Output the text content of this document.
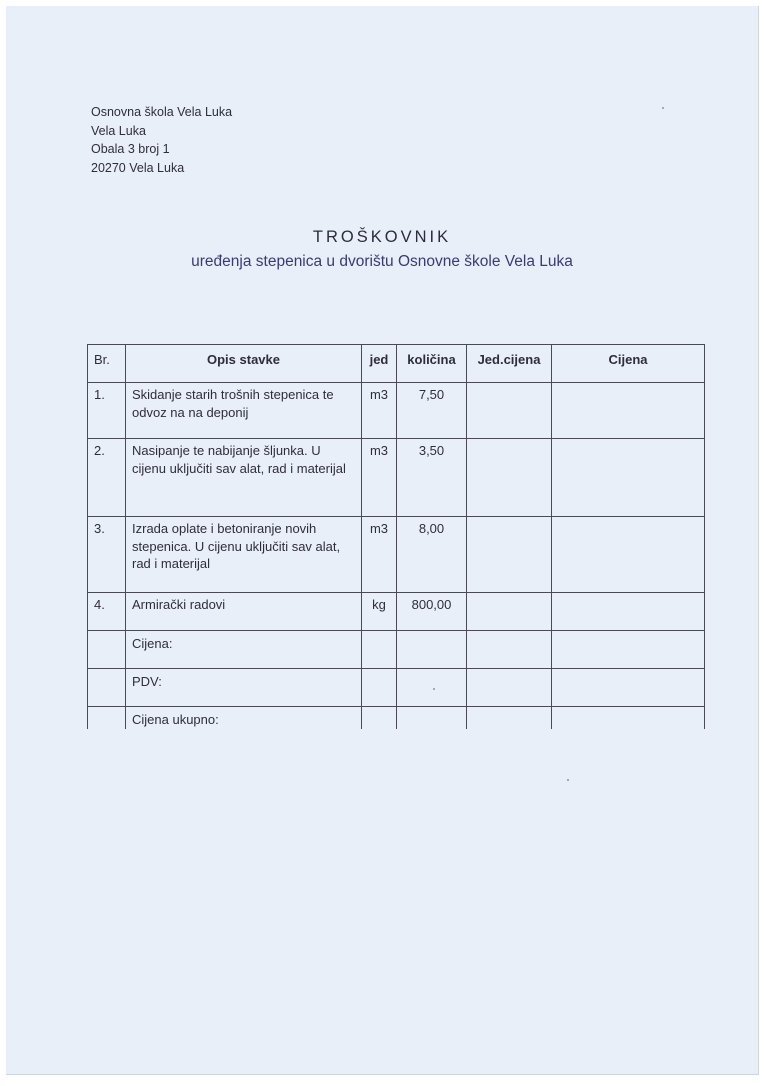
Osnovna škola Vela Luka
Vela Luka
Obala 3 broj 1
20270 Vela Luka
TROŠKOVNIK
uređenja stepenica u dvorištu Osnovne škole Vela Luka
Br.	Opis stavke	jed	količina	Jed.cijena	Cijena
1.	Skidanje starih trošnih stepenica te odvoz na na deponij	m3	7,50		
2.	Nasipanje te nabijanje šljunka. U cijenu uključiti sav alat, rad i materijal	m3	3,50		
3.	Izrada oplate i betoniranje novih stepenica. U cijenu uključiti sav alat, rad i materijal	m3	8,00		
4.	Armirački radovi	kg	800,00		
	Cijena:				
	PDV:				
	Cijena ukupno:				
